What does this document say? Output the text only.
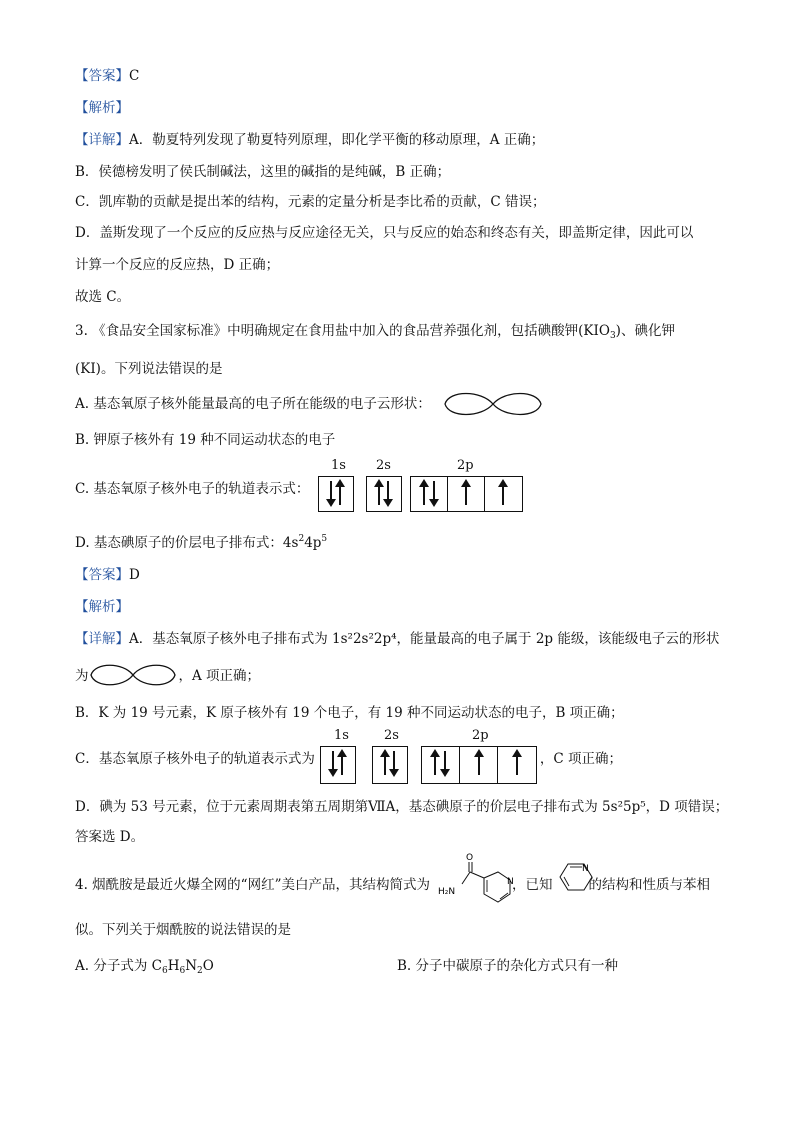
【答案】C
【解析】
【详解】A．勒夏特列发现了勒夏特列原理，即化学平衡的移动原理，A 正确；
B．侯德榜发明了侯氏制碱法，这里的碱指的是纯碱，B 正确；
C．凯库勒的贡献是提出苯的结构，元素的定量分析是李比希的贡献，C 错误；
D．盖斯发现了一个反应的反应热与反应途径无关，只与反应的始态和终态有关，即盖斯定律，因此可以
计算一个反应的反应热，D 正确；
故选 C。
3. 《食品安全国家标准》中明确规定在食用盐中加入的食品营养强化剂，包括碘酸钾$(KIO_3)$、碘化钾
(KI)。下列说法错误的是
A. 基态氧原子核外能量最高的电子所在能级的电子云形状：
B. 钾原子核外有 19 种不同运动状态的电子
C. 基态氧原子核外电子的轨道表示式：
1s 2s	2p
D. 基态碘原子的价层电子排布式：$4s^24p^5$
【答案】D
【解析】
【详解】A．基态氧原子核外电子排布式为 1s²2s²2p⁴，能量最高的电子属于 2p 能级，该能级电子云的形状
为	，A 项正确；
B．K 为 19 号元素，K 原子核外有 19 个电子，有 19 种不同运动状态的电子，B 项正确；
C．基态氧原子核外电子的轨道表示式为	，C 项正确；
1s	2s	2p
D．碘为 53 号元素，位于元素周期表第五周期第ⅦA，基态碘原子的价层电子排布式为 5s²5p⁵，D 项错误；
答案选 D。
4. 烟酰胺是最近火爆全网的“网红”美白产品，其结构简式为	，已知	的结构和性质与苯相
O
H₂N
N
N
似。下列关于烟酰胺的说法错误的是
A. 分子式为 $C_6H_6N_2O$	B. 分子中碳原子的杂化方式只有一种
